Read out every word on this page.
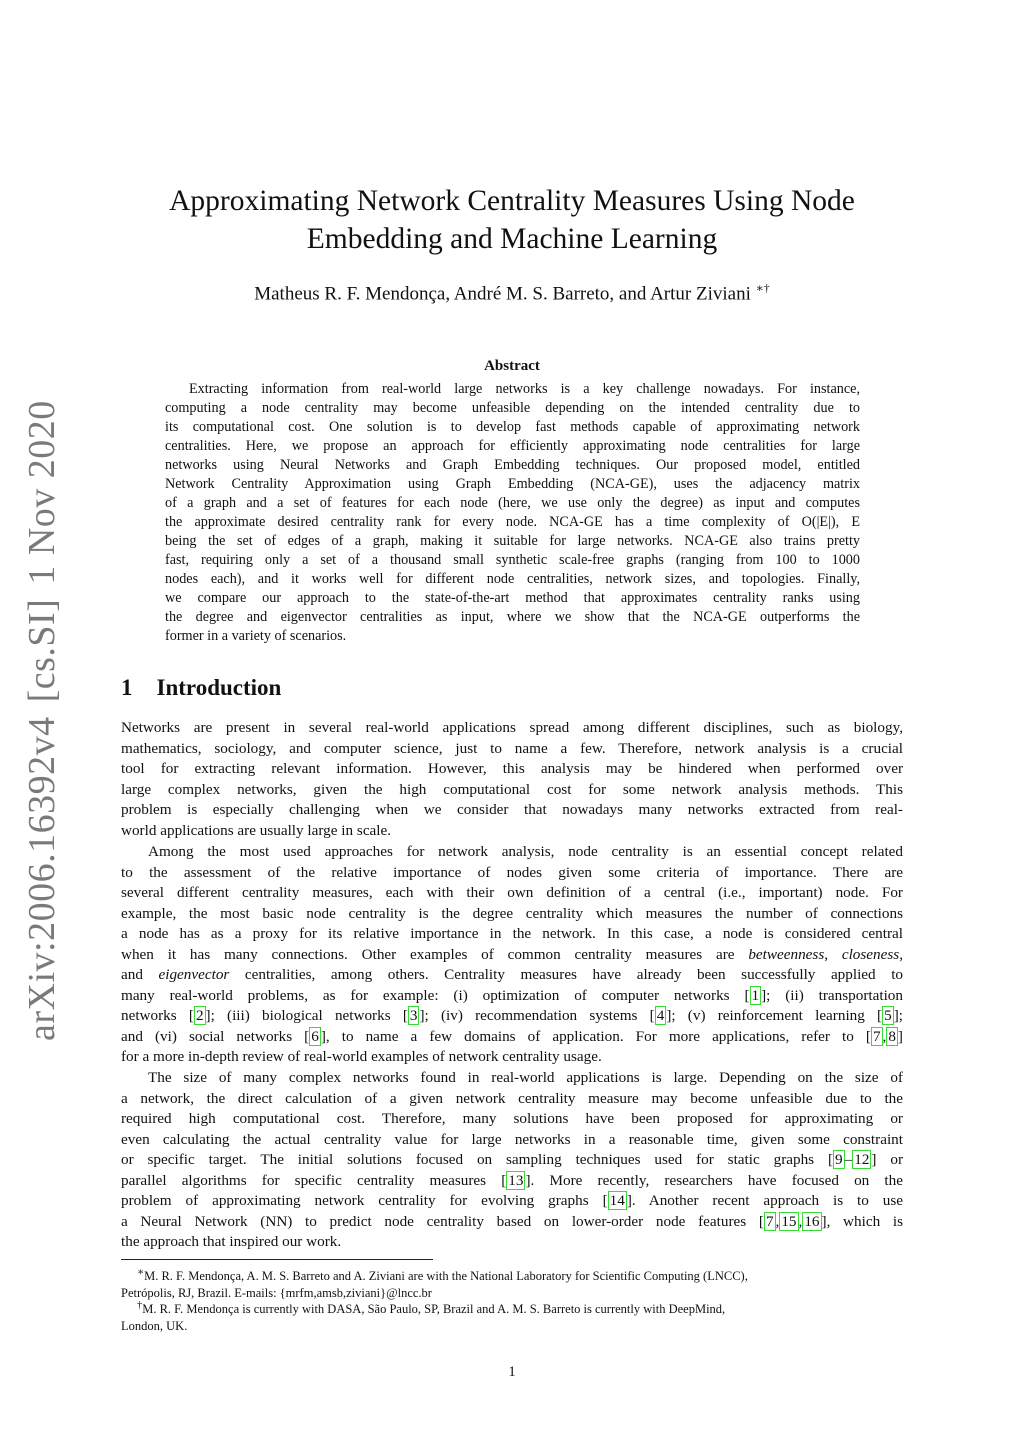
arXiv:2006.16392v4[cs.SI]1 Nov 2020
Approximating Network Centrality Measures Using Node
Embedding and Machine Learning

Matheus R. F. Mendonça, André M. S. Barreto, and Artur Ziviani ∗†

Abstract
Extracting information from real-world large networks is a key challenge nowadays. For instance,
computing a node centrality may become unfeasible depending on the intended centrality due to
its computational cost. One solution is to develop fast methods capable of approximating network
centralities. Here, we propose an approach for efficiently approximating node centralities for large
networks using Neural Networks and Graph Embedding techniques. Our proposed model, entitled
Network Centrality Approximation using Graph Embedding (NCA-GE), uses the adjacency matrix
of a graph and a set of features for each node (here, we use only the degree) as input and computes
the approximate desired centrality rank for every node. NCA-GE has a time complexity of O(|E|), E
being the set of edges of a graph, making it suitable for large networks. NCA-GE also trains pretty
fast, requiring only a set of a thousand small synthetic scale-free graphs (ranging from 100 to 1000
nodes each), and it works well for different node centralities, network sizes, and topologies. Finally,
we compare our approach to the state-of-the-art method that approximates centrality ranks using
the degree and eigenvector centralities as input, where we show that the NCA-GE outperforms the
former in a variety of scenarios.
1 Introduction
Networks are present in several real-world applications spread among different disciplines, such as biology,
mathematics, sociology, and computer science, just to name a few. Therefore, network analysis is a crucial
tool for extracting relevant information. However, this analysis may be hindered when performed over
large complex networks, given the high computational cost for some network analysis methods. This
problem is especially challenging when we consider that nowadays many networks extracted from real-
world applications are usually large in scale.
Among the most used approaches for network analysis, node centrality is an essential concept related
to the assessment of the relative importance of nodes given some criteria of importance. There are
several different centrality measures, each with their own definition of a central (i.e., important) node. For
example, the most basic node centrality is the degree centrality which measures the number of connections
a node has as a proxy for its relative importance in the network. In this case, a node is considered central
when it has many connections. Other examples of common centrality measures are betweenness, closeness,
and eigenvector centralities, among others. Centrality measures have already been successfully applied to
many real-world problems, as for example: (i) optimization of computer networks [ 1 ]; (ii) transportation
networks [ 2 ]; (iii) biological networks [ 3 ]; (iv) recommendation systems [ 4 ]; (v) reinforcement learning [ 5 ];
and (vi) social networks [ 6 ], to name a few domains of application. For more applications, refer to [ 7 , 8 ]
for a more in-depth review of real-world examples of network centrality usage.
The size of many complex networks found in real-world applications is large. Depending on the size of
a network, the direct calculation of a given network centrality measure may become unfeasible due to the
required high computational cost. Therefore, many solutions have been proposed for approximating or
even calculating the actual centrality value for large networks in a reasonable time, given some constraint
or specific target. The initial solutions focused on sampling techniques used for static graphs [ 9 – 12 ] or
parallel algorithms for specific centrality measures [ 13 ]. More recently, researchers have focused on the
problem of approximating network centrality for evolving graphs [ 14 ]. Another recent approach is to use
a Neural Network (NN) to predict node centrality based on lower-order node features [ 7 , 15 , 16 ], which is
the approach that inspired our work.
∗M. R. F. Mendonça, A. M. S. Barreto and A. Ziviani are with the National Laboratory for Scientific Computing (LNCC),
Petrópolis, RJ, Brazil. E-mails: {mrfm,amsb,ziviani}@lncc.br
†M. R. F. Mendonça is currently with DASA, São Paulo, SP, Brazil and A. M. S. Barreto is currently with DeepMind,
London, UK.

1
